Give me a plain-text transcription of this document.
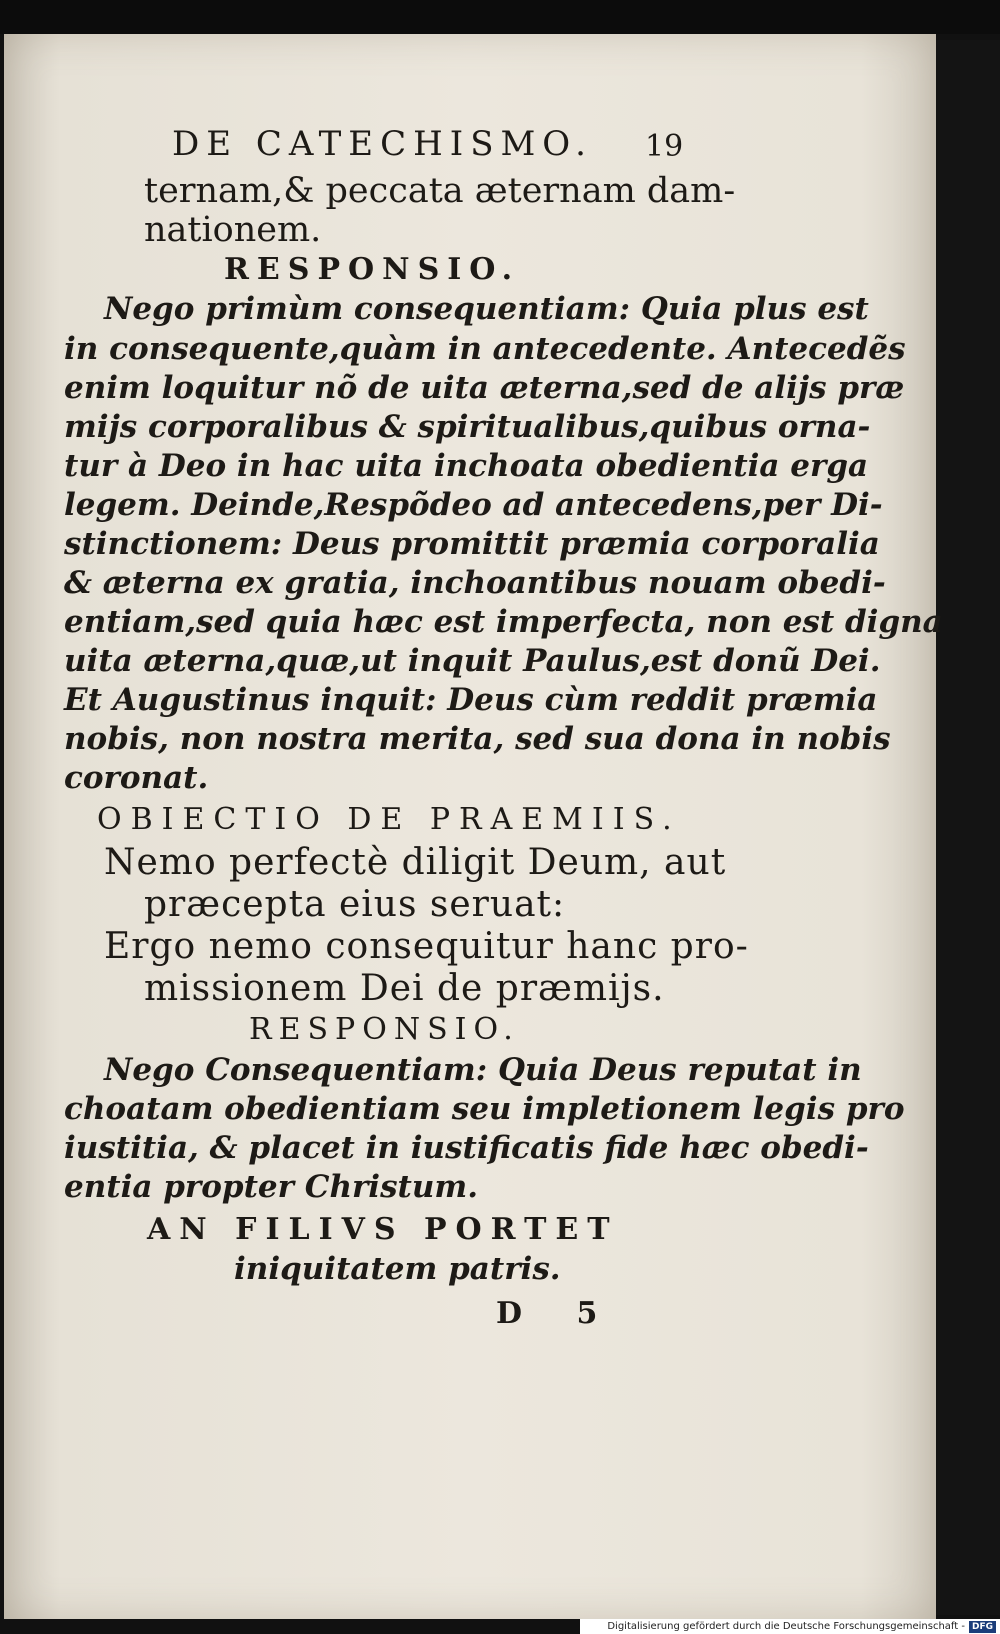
DE CATECHISMO. 19
ternam,& peccata æternam dam-
nationem.
RESPONSIO.
Nego primùm consequentiam: Quia plus est
in consequente,quàm in antecedente. Antecedẽs
enim loquitur nõ de uita æterna,sed de alijs præ
mijs corporalibus & spiritualibus,quibus orna-
tur à Deo in hac uita inchoata obedientia erga
legem. Deinde,Respõdeo ad antecedens,per Di-
stinctionem: Deus promittit præmia corporalia
& æterna ex gratia, inchoantibus nouam obedi-
entiam,sed quia hæc est imperfecta, non est digna
uita æterna,quæ,ut inquit Paulus,est donũ Dei.
Et Augustinus inquit: Deus cùm reddit præmia
nobis, non nostra merita, sed sua dona in nobis
coronat.
OBIECTIO DE PRAEMIIS.
Nemo perfectè diligit Deum, aut
præcepta eius seruat:
Ergo nemo consequitur hanc pro-
missionem Dei de præmijs.
RESPONSIO.
Nego Consequentiam: Quia Deus reputat in
choatam obedientiam seu impletionem legis pro
iustitia, & placet in iustificatis fide hæc obedi-
entia propter Christum.
AN FILIVS PORTET
iniquitatem patris.
D 5
Digitalisierung gefördert durch die Deutsche Forschungsgemeinschaft - DFG
